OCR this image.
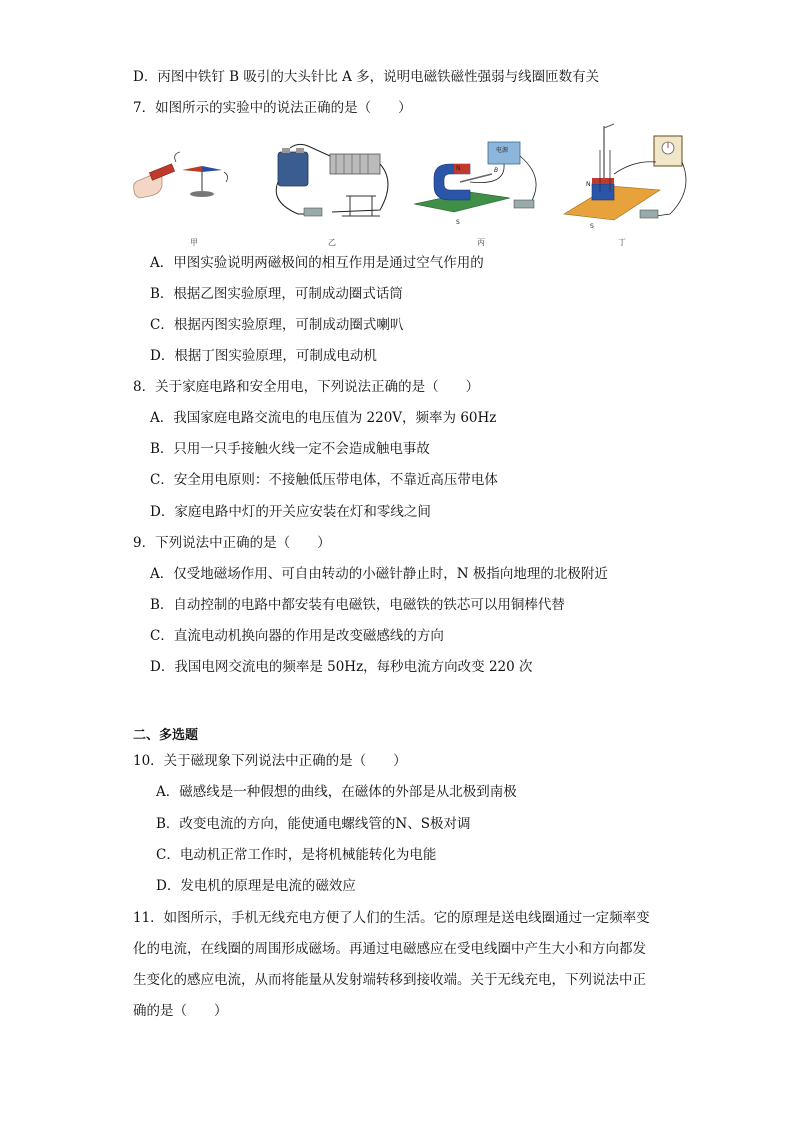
D．丙图中铁钉 B 吸引的大头针比 A 多，说明电磁铁磁性强弱与线圈匝数有关
7．如图所示的实验中的说法正确的是（　　）
甲	乙
电源
N	B
S
丙
N
S
丁
A．甲图实验说明两磁极间的相互作用是通过空气作用的
B．根据乙图实验原理，可制成动圈式话筒
C．根据丙图实验原理，可制成动圈式喇叭
D．根据丁图实验原理，可制成电动机
8．关于家庭电路和安全用电，下列说法正确的是（　　）
A．我国家庭电路交流电的电压值为 220V，频率为 60Hz
B．只用一只手接触火线一定不会造成触电事故
C．安全用电原则：不接触低压带电体，不靠近高压带电体
D．家庭电路中灯的开关应安装在灯和零线之间
9．下列说法中正确的是（　　）
A．仅受地磁场作用、可自由转动的小磁针静止时，N 极指向地理的北极附近
B．自动控制的电路中都安装有电磁铁，电磁铁的铁芯可以用铜棒代替
C．直流电动机换向器的作用是改变磁感线的方向
D．我国电网交流电的频率是 50Hz，每秒电流方向改变 220 次
二、多选题
10．关于磁现象下列说法中正确的是（　　）
A．磁感线是一种假想的曲线，在磁体的外部是从北极到南极
B．改变电流的方向，能使通电螺线管的N、S极对调
C．电动机正常工作时，是将机械能转化为电能
D．发电机的原理是电流的磁效应
11．如图所示，手机无线充电方便了人们的生活。它的原理是送电线圈通过一定频率变
化的电流，在线圈的周围形成磁场。再通过电磁感应在受电线圈中产生大小和方向都发
生变化的感应电流，从而将能量从发射端转移到接收端。关于无线充电，下列说法中正
确的是（　　）
